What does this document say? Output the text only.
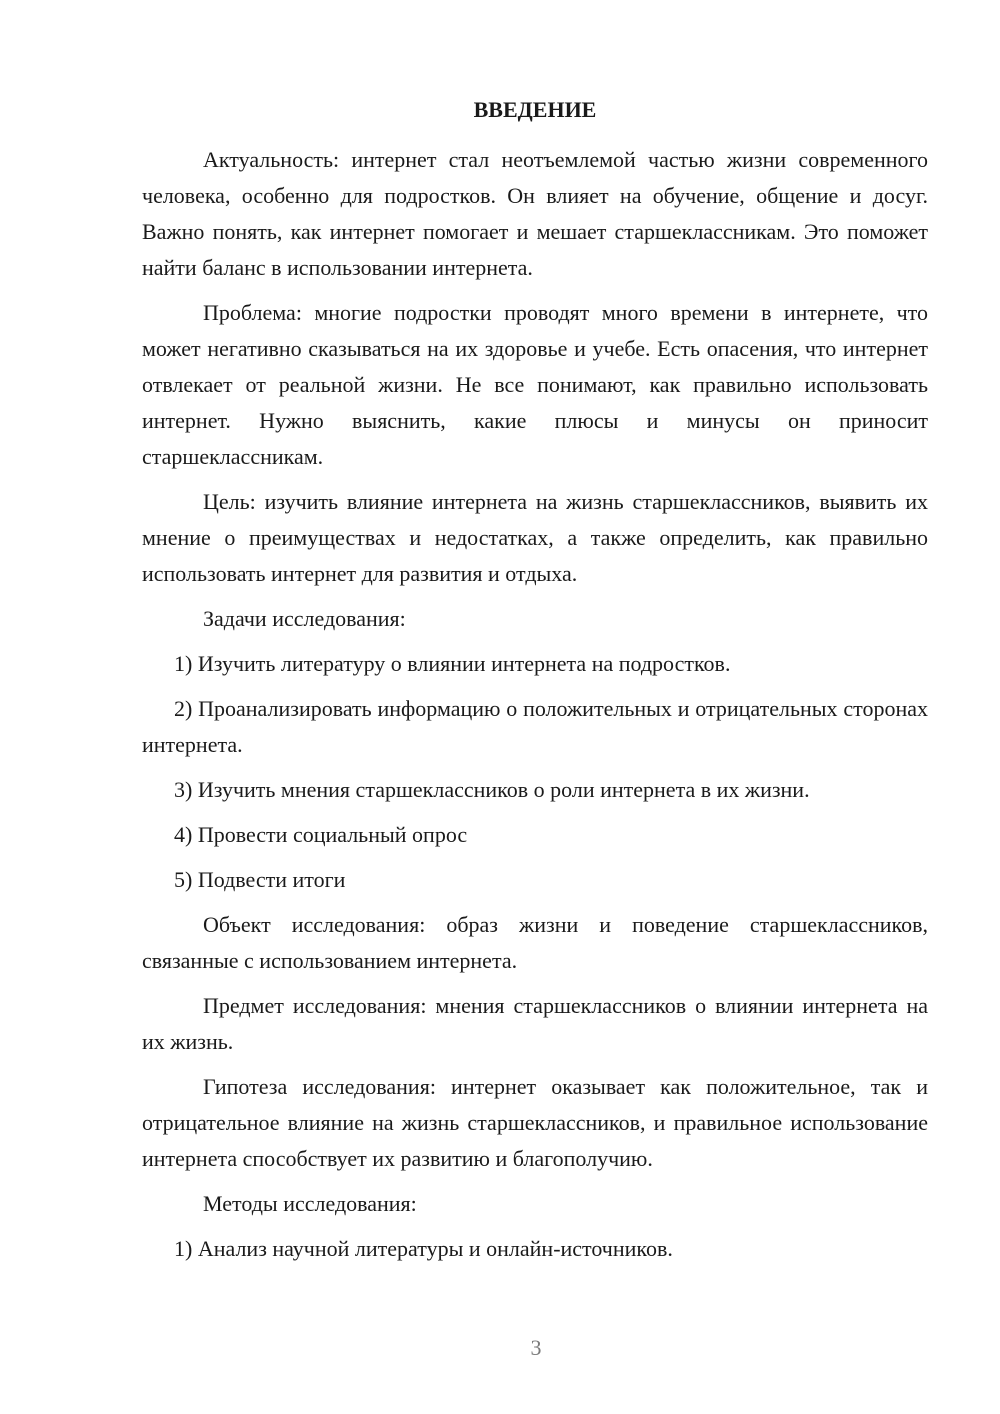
ВВЕДЕНИЕ

Актуальность: интернет стал неотъемлемой частью жизни современного человека, особенно для подростков. Он влияет на обучение, общение и досуг. Важно понять, как интернет помогает и мешает старшеклассникам. Это поможет найти баланс в использовании интернета.

Проблема: многие подростки проводят много времени в интернете, что может негативно сказываться на их здоровье и учебе. Есть опасения, что интернет отвлекает от реальной жизни. Не все понимают, как правильно использовать интернет. Нужно выяснить, какие плюсы и минусы он приносит старшеклассникам.

Цель: изучить влияние интернета на жизнь старшеклассников, выявить их мнение о преимуществах и недостатках, а также определить, как правильно использовать интернет для развития и отдыха.

Задачи исследования:

1) Изучить литературу о влиянии интернета на подростков.

2) Проанализировать информацию о положительных и отрицательных сторонах интернета.

3) Изучить мнения старшеклассников о роли интернета в их жизни.

4) Провести социальный опрос

5) Подвести итоги

Объект исследования: образ жизни и поведение старшеклассников, связанные с использованием интернета.

Предмет исследования: мнения старшеклассников о влиянии интернета на их жизнь.

Гипотеза исследования: интернет оказывает как положительное, так и отрицательное влияние на жизнь старшеклассников, и правильное использование интернета способствует их развитию и благополучию.

Методы исследования:

1) Анализ научной литературы и онлайн-источников.

3
